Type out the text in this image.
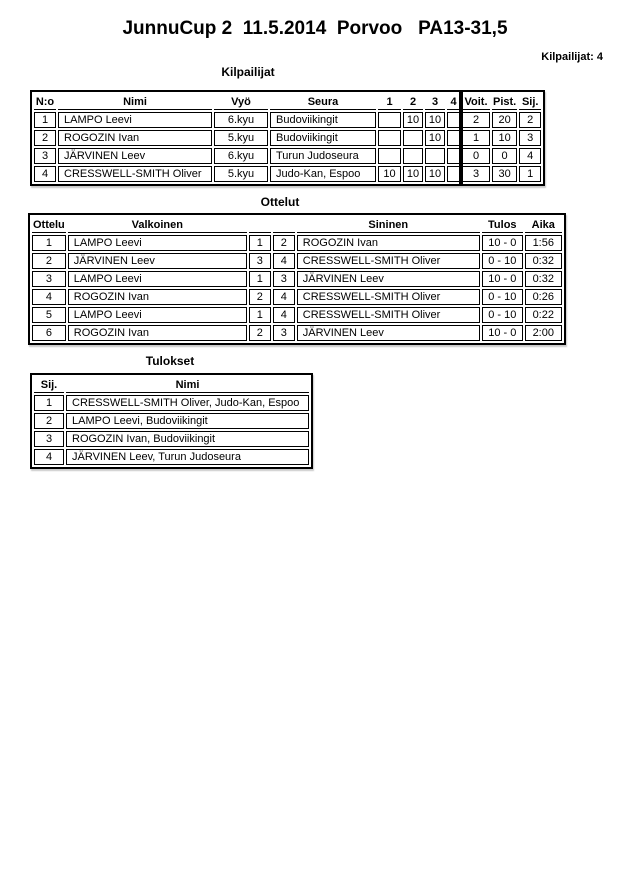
JunnuCup 2  11.5.2014  Porvoo   PA13-31,5
Kilpailijat: 4
Kilpailijat
N:o	Nimi	Vyö	Seura	1	2	3	4	Voit.	Pist.	Sij.
1	LAMPO Leevi	6.kyu	Budoviikingit		10	10		2	20	2
2	ROGOZIN Ivan	5.kyu	Budoviikingit			10		1	10	3
3	JÄRVINEN Leev	6.kyu	Turun Judoseura					0	0	4
4	CRESSWELL-SMITH Oliver	5.kyu	Judo-Kan, Espoo	10	10	10		3	30	1
Ottelut
Ottelu	Valkoinen			Sininen	Tulos	Aika
1	LAMPO Leevi	1	2	ROGOZIN Ivan	10 - 0	1:56
2	JÄRVINEN Leev	3	4	CRESSWELL-SMITH Oliver	0 - 10	0:32
3	LAMPO Leevi	1	3	JÄRVINEN Leev	10 - 0	0:32
4	ROGOZIN Ivan	2	4	CRESSWELL-SMITH Oliver	0 - 10	0:26
5	LAMPO Leevi	1	4	CRESSWELL-SMITH Oliver	0 - 10	0:22
6	ROGOZIN Ivan	2	3	JÄRVINEN Leev	10 - 0	2:00
Tulokset
Sij.	Nimi
1	CRESSWELL-SMITH Oliver, Judo-Kan, Espoo
2	LAMPO Leevi, Budoviikingit
3	ROGOZIN Ivan, Budoviikingit
4	JÄRVINEN Leev, Turun Judoseura
